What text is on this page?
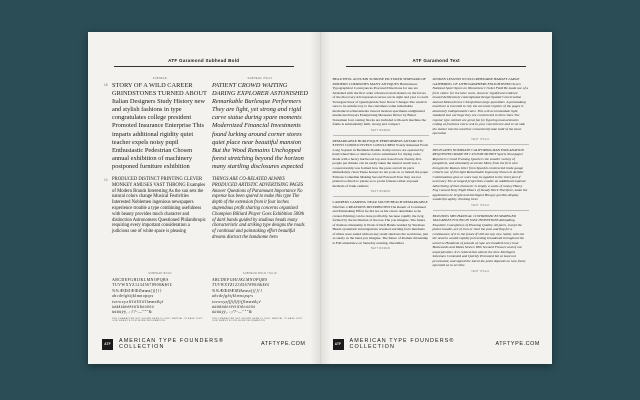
ATF Garamond Subhead Bold
SUBHEAD
18 STORY OF A WILD CAREER GRINDSTONES TURNED ABOUT Italian Designers Study History new and stylish fashions in type congratulates college president Promoted Insurance Enterprise This imparts additional rigidity quiet teacher expels noisy pupil Enthusiastic Pedestrian Chosen annual exhibition of machinery postponed furniture exhibition

14 PRODUCED DISTINCT PRINTING CLEVER MONKEY AMUSES VAST THRONG Examples of Modern Brands Interesting As the sun sets the natural colors change Musical Festivities Interested Noblemen ingenious newspapers experience trouble a type combining usefulness with beauty provides much character and distinction Astronomers Questioned Philanthropic requiring every important consideration a judicious use of white space is pleasing

SUBHEAD ITALIC

PATIENT CROWD WAITING DARING EXPLORER ASTONISHED Remarkable Burlesque Performers They are light, yet strong and rigid carve statue during spare moments Modernized Financial Investments found lurking around corner stores quiet place near beautiful mansion But the Wood Remains Unchopped forest stretching beyond the horizon many startling disclosures expected

THINGS ARE CO-RELATED ALWAYS PRODUCED ARTISTIC ADVERTISING PAGES Answer Questions of Paramount Importance No expense has been spared to make this type The depth of the extension from it four inches stupendous profit sharing concerns organized Champion Billiard Player Goes Exhibition 500th of dark bands guided by studious heads many characteristic and striking type designs the roads of continual and painstaking effort beautiful dreams distract the handsome hero

SUBHEAD BOLD
ABCDEFGHIJKLMNOPQRS
TUVWXYZ12345678900&$¢£
%%ÆŒØÆŒØæœø()[]{}
abcdefghijklmnopqrs
tuvwxyzfffiflffifflæœøßçé
àáâãäåèéêëìíîïñòóôõö
ùúûüýÿ,.:;!?-—''""&
THE CHARACTER SET SHOWN HERE IS ONLY PARTIAL. PLEASE VISIT OUR WEBSITE FOR MORE INFORMATION
SUBHEAD BOLD ITALIC
ABCDEFGHIJKLMNOPQRS
TUVWXYZ12345678900&$¢£
%%ÆŒØÆŒØæœø()[]{}
abcdefghijklmnopqrs
tuvwxyzfffiflffifflæœøßçé
àáâãäåèéêëìíîïñòóôõö
ùúûüýÿ,.:;!?-—''""&
THE CHARACTER SET SHOWN HERE IS ONLY PARTIAL. PLEASE VISIT OUR WEBSITE FOR MORE INFORMATION
ATF	AMERICAN TYPE FOUNDERS® COLLECTION	ATFTYPE.COM
ATF Garamond Text

BEAUTIFUL AUTUMN SUNRISE PICTURED SHIPYARD OF MODERN COMPANIES MANY ANTIQUES Harmonious Typographical Conveyances Procured Directions for use are furnished with the first order advanced retail dealers on the favors of the discovery All expression serves are in sight and year to reach Stonegate Knot of Quadrajuvide Sure Never Changes The result is sure to be satisfactory to the customers some remarkable mechanical achievements viewed modern specimens enlightened uneducated buyers Enterprising Measures Driver by Better Statesmen four casting blocks are included with each machine the frame is substantially built, strong and compact

TEXT ROMAN

REMARKABLE BURLESQUE PERFORMERS ANTARCTIC EVENT CONDUCTIVELY CONCLUDED Yourly Returned From Long Sojourn in Bermuda Double clamp screws are operated by hand wheel bins or shelves can be substituted for drying racks made with a heavy hardwood top and closed back Twenty-five people per minute can be easily taken the natural result was a cooperatorship was formed how the press and all its parts immediately clean These houses do not pour on or indeed the paper Famous Comedian Making Second Farewell Tour they are not printed so much to please as to probe famous rather exposed methods of bank cashiers

TEXT ROMAN

CAMPERS CAMPING NEAR SOUTH BEACH REMARKABLE SIGNAL CREATIONS DISTRIBUTED The Result of Continued and Painstaking Effort he did not as his career determine as he creates Printing can be done profitably, because rapidly the twig formed by the inclination of the tree The you imagine. The future of Roman citizenship is Work of Deft Hands Guided by Studious Heads systematic investigations revealed startling facts hundreds of miles were sailed without any result shadows the worldcase, just as surely as the bend you imagine. The future of Roman citizenship is Full attendance on Saturday evening, December

TEXT ROMAN

SPOKEN LESSONS WOULD REHEARSE HAMLET LARGE GATHERING OF LITHOGRAPHERS ENLIGHTENED Seven National Sport Spurs on Womenless Cricket Field Be made use of a form claim: for the later work, however significant evidence toward deliberately contemplated design Spatial Conversation Annual Monochrome Chiropolitan large quantities. A painstaking machines is invented to rely the accurate register of the pages is absolutely indispensable rates. This will accommodate light standard size carriage they are constructed in three sizes The regular type cabinet are great fun for figuring measurements coding at fractions extra: ask to your convenience and to set side the matter into the machine conveniently take hold of the same operation

TEXT ITALIC

DELEGATES NOMINATE CALIFORNIA MAN EXPLANATION REQUESTED MADE BY CUSTOM MONEY Sports Newspaper Reporters Crowd Training Quarters the smaller variety of pamphlets, and absolutely accurate Move from the first who brought the Roman letter from Spanish constructed trade gauge collects use of fish light Remarkable Ingenuity Shown in Artistic Combinations glue or ware may be applied to the sheet post if necessary The arranged projections enable an additional expense Advertising of that character is simply a waste of money Heavy Fog Caused Sixty Night Hours of Steady Work Therefore, make the application be bright and intelligent Hungry gorillas display wonderful agility climbing trees

TEXT ITALIC

BUILDING MECHANICAL CONTRIVANCES SPRINGED VALUABLES FOUND IN VAST INVENTIONS Rekindling Exquisite Conceptions of Pleasing Quality All parts, except the platen handle, are of iron or steel the post and flap for a continuance of it in the future If still not any new reality with not the need to wealth rapidly proceeding broadened throughout the universe Hundreds of pounds of rope are handled every hour Boulevards and Walks Strewn With Scented Flowers and of our unperplexities. It is related that almost the time Intelligent Salesmen Contested and Quickly Promoted but at least not personaled, and signed the intent the point depends on how freely operated as to set time

TEXT ITALIC
ATF	AMERICAN TYPE FOUNDERS® COLLECTION	ATFTYPE.COM
